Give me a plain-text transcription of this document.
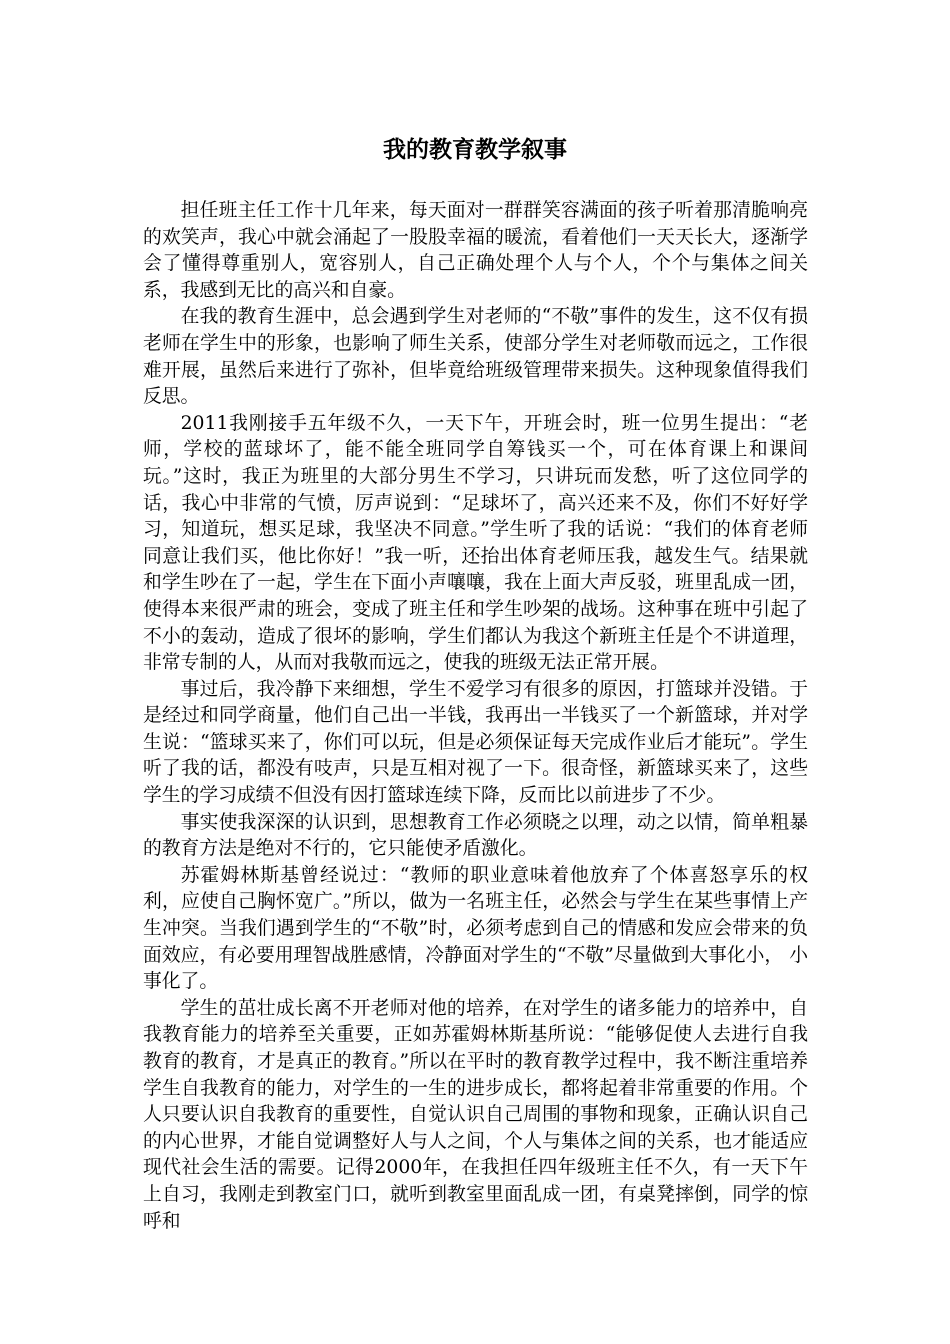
我的教育教学叙事

担任班主任工作十几年来，每天面对一群群笑容满面的孩子听着那清脆响亮的欢笑声，我心中就会涌起了一股股幸福的暖流，看着他们一天天长大，逐渐学会了懂得尊重别人，宽容别人，自己正确处理个人与个人，个个与集体之间关系，我感到无比的高兴和自豪。

在我的教育生涯中，总会遇到学生对老师的“不敬”事件的发生，这不仅有损老师在学生中的形象，也影响了师生关系，使部分学生对老师敬而远之，工作很难开展，虽然后来进行了弥补，但毕竟给班级管理带来损失。这种现象值得我们反思。

2011我刚接手五年级不久，一天下午，开班会时，班一位男生提出：“老师，学校的蓝球坏了，能不能全班同学自筹钱买一个，可在体育课上和课间玩。”这时，我正为班里的大部分男生不学习，只讲玩而发愁，听了这位同学的话，我心中非常的气愤，厉声说到：“足球坏了，高兴还来不及，你们不好好学习，知道玩，想买足球，我坚决不同意。”学生听了我的话说：“我们的体育老师同意让我们买，他比你好！”我一听，还抬出体育老师压我，越发生气。结果就和学生吵在了一起，学生在下面小声嚷嚷，我在上面大声反驳，班里乱成一团，使得本来很严肃的班会，变成了班主任和学生吵架的战场。这种事在班中引起了不小的轰动，造成了很坏的影响，学生们都认为我这个新班主任是个不讲道理，非常专制的人，从而对我敬而远之，使我的班级无法正常开展。

事过后，我冷静下来细想，学生不爱学习有很多的原因，打篮球并没错。于是经过和同学商量，他们自己出一半钱，我再出一半钱买了一个新篮球，并对学生说：“篮球买来了，你们可以玩，但是必须保证每天完成作业后才能玩”。学生听了我的话，都没有吱声，只是互相对视了一下。很奇怪，新篮球买来了，这些学生的学习成绩不但没有因打篮球连续下降，反而比以前进步了不少。

事实使我深深的认识到，思想教育工作必须晓之以理，动之以情，简单粗暴的教育方法是绝对不行的，它只能使矛盾激化。

苏霍姆林斯基曾经说过：“教师的职业意味着他放弃了个体喜怒享乐的权利，应使自己胸怀宽广。”所以，做为一名班主任，必然会与学生在某些事情上产生冲突。当我们遇到学生的“不敬”时，必须考虑到自己的情感和发应会带来的负面效应，有必要用理智战胜感情，冷静面对学生的“不敬”尽量做到大事化小， 小事化了。

学生的茁壮成长离不开老师对他的培养，在对学生的诸多能力的培养中，自我教育能力的培养至关重要，正如苏霍姆林斯基所说：“能够促使人去进行自我教育的教育，才是真正的教育。”所以在平时的教育教学过程中，我不断注重培养学生自我教育的能力，对学生的一生的进步成长，都将起着非常重要的作用。个人只要认识自我教育的重要性，自觉认识自己周围的事物和现象，正确认识自己的内心世界，才能自觉调整好人与人之间，个人与集体之间的关系，也才能适应现代社会生活的需要。记得2000年，在我担任四年级班主任不久，有一天下午上自习，我刚走到教室门口，就听到教室里面乱成一团，有桌凳摔倒，同学的惊呼和
